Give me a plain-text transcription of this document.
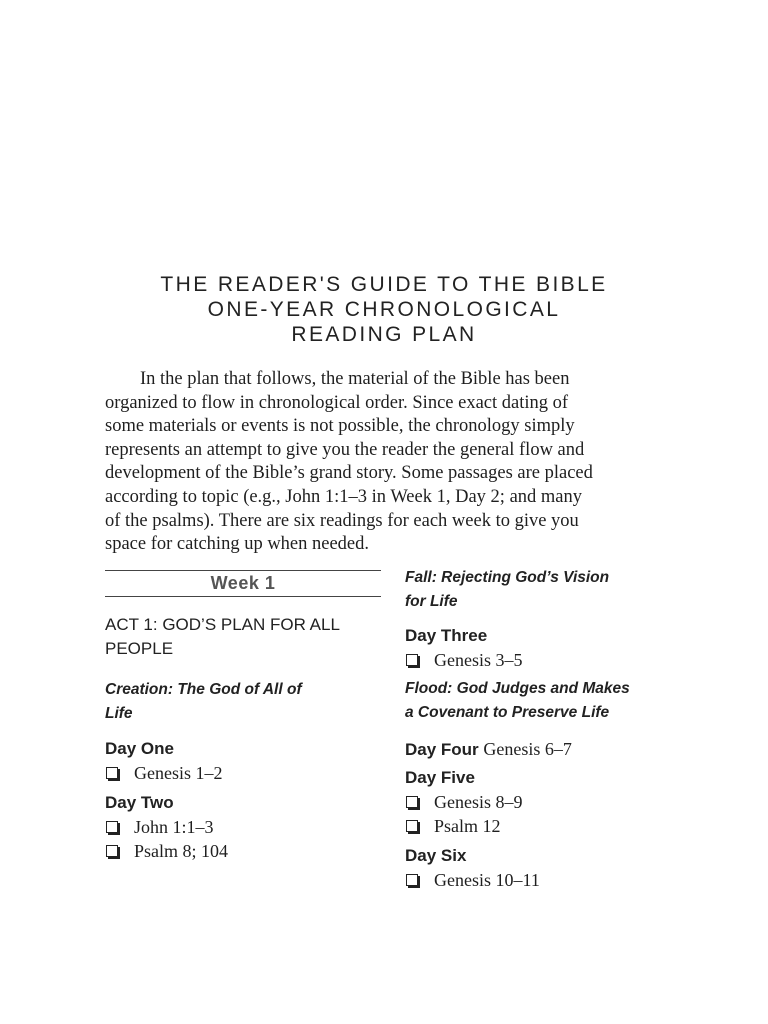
THE READER'S GUIDE TO THE BIBLE
ONE-YEAR CHRONOLOGICAL
READING PLAN
In the plan that follows, the material of the Bible has been
organized to flow in chronological order. Since exact dating of
some materials or events is not possible, the chronology simply
represents an attempt to give you the reader the general flow and
development of the Bible’s grand story. Some passages are placed
according to topic (e.g., John 1:1–3 in Week 1, Day 2; and many
of the psalms). There are six readings for each week to give you
space for catching up when needed.
Week 1
ACT 1: GOD’S PLAN FOR ALL
PEOPLE
Creation: The God of All of
Life
Day One
Genesis 1–2
Day Two
John 1:1–3
Psalm 8; 104
Fall: Rejecting God’s Vision
for Life
Day Three
Genesis 3–5
Flood: God Judges and Makes
a Covenant to Preserve Life
Day Four Genesis 6–7
Day Five
Genesis 8–9
Psalm 12
Day Six
Genesis 10–11
